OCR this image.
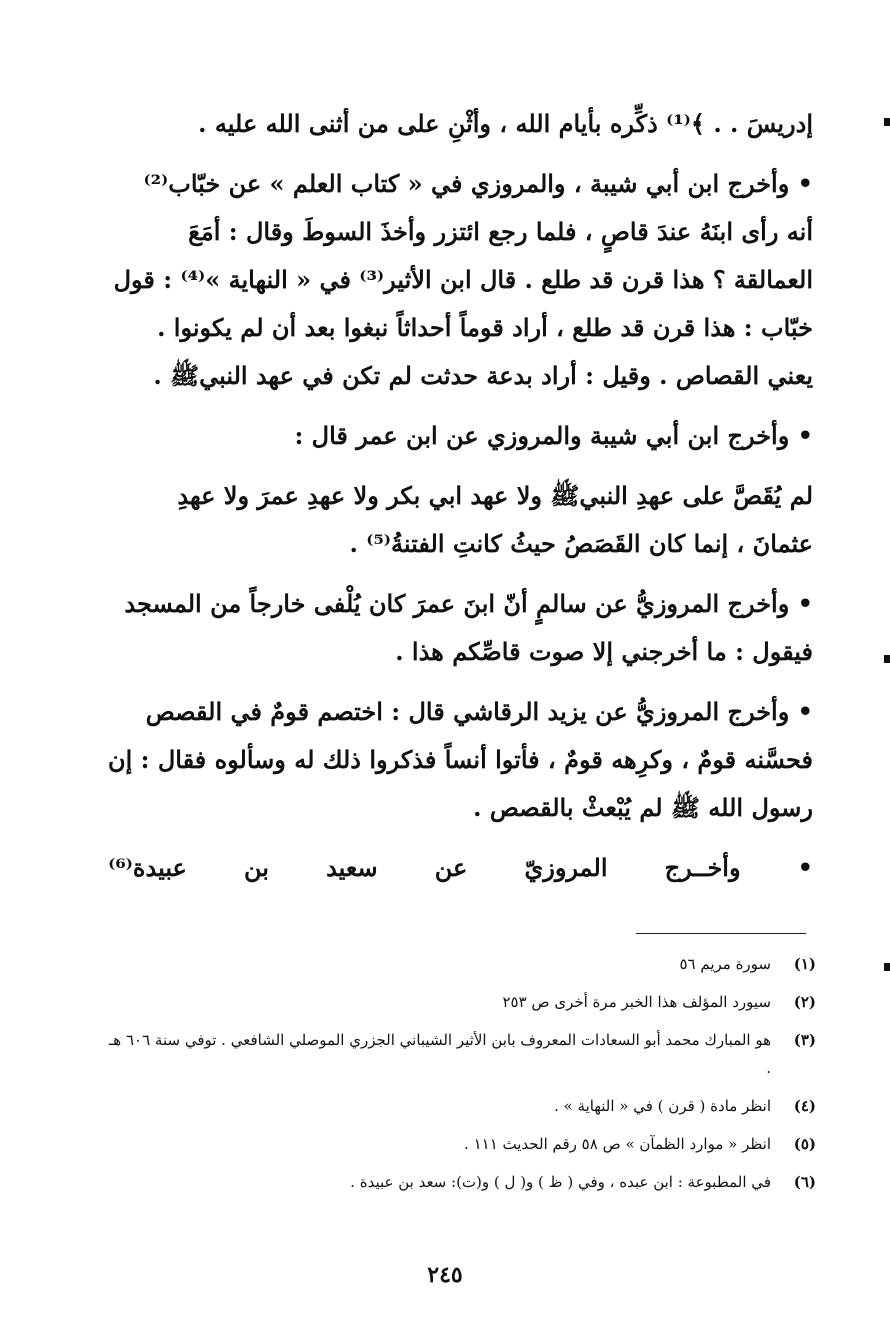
إدريسَ . . ﴾⁽¹⁾ ذكِّره بأيام الله ، وأثْنِ على من أثنى الله عليه .
• وأخرج ابن أبي شيبة ، والمروزي في « كتاب العلم » عن خبّاب⁽²⁾
أنه رأى ابنَهُ عندَ قاصٍ ، فلما رجع ائتزر وأخذَ السوطَ وقال : أمَعَ
العمالقة ؟ هذا قرن قد طلع . قال ابن الأثير⁽³⁾ في « النهاية »⁽⁴⁾ : قول
خبّاب : هذا قرن قد طلع ، أراد قوماً أحداثاً نبغوا بعد أن لم يكونوا .
يعني القصاص . وقيل : أراد بدعة حدثت لم تكن في عهد النبيﷺ .
• وأخرج ابن أبي شيبة والمروزي عن ابن عمر قال :
لم يُقَصَّ على عهدِ النبيﷺ ولا عهد ابي بكر ولا عهدِ عمرَ ولا عهدِ
عثمانَ ، إنما كان القَصَصُ حيثُ كانتِ الفتنةُ⁽⁵⁾ .
• وأخرج المروزيُّ عن سالمٍ أنّ ابنَ عمرَ كان يُلْفى خارجاً من المسجد
فيقول : ما أخرجني إلا صوت قاصِّكم هذا .
• وأخرج المروزيُّ عن يزيد الرقاشي قال : اختصم قومٌ في القصص
فحسَّنه قومٌ ، وكرِهه قومٌ ، فأتوا أنساً فذكروا ذلك له وسألوه فقال : إن
رسول الله ﷺ لم يُبْعثْ بالقصص .
•
وأخــرج
المروزيّ
عن
سعيد
بن
عبيدة⁽⁶⁾
(١)
سورة مريم ٥٦
(٢)
سيورد المؤلف هذا الخبر مرة أخرى ص ٢٥٣
(٣)
هو المبارك محمد أبو السعادات المعروف بابن الأثير الشيباني الجزري الموصلي الشافعي . توفي سنة ٦٠٦ هـ .
(٤)
انظر مادة ( قرن ) في « النهاية » .
(٥)
انظر « موارد الظمآن » ص ٥٨ رقم الحديث ١١١ .
(٦)
في المطبوعة : ابن عبده ، وفي ( ظ ) و( ل ) و(ت): سعد بن عبيدة .
٢٤٥
